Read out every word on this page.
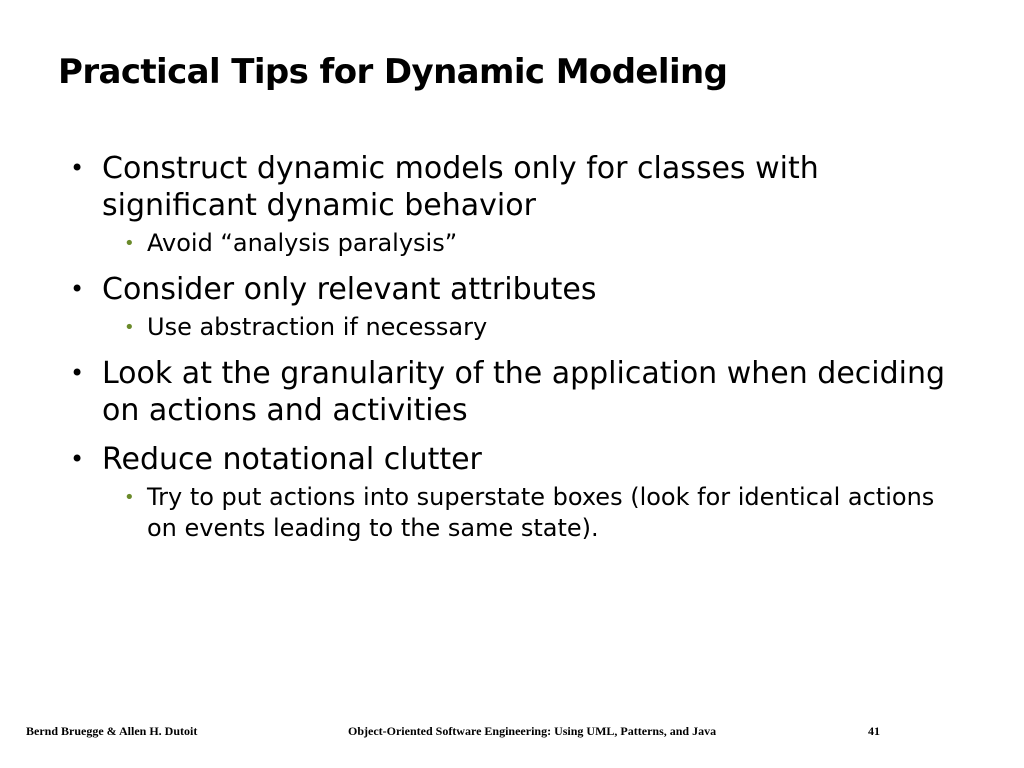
Practical Tips for Dynamic Modeling
• Construct dynamic models only for classes with significant dynamic behavior
• Avoid “analysis paralysis”
• Consider only relevant attributes
• Use abstraction if necessary
• Look at the granularity of the application when deciding on actions and activities
• Reduce notational clutter
• Try to put actions into superstate boxes (look for identical actions on events leading to the same state).
Bernd Bruegge & Allen H. Dutoit	Object-Oriented Software Engineering: Using UML, Patterns, and Java	41
